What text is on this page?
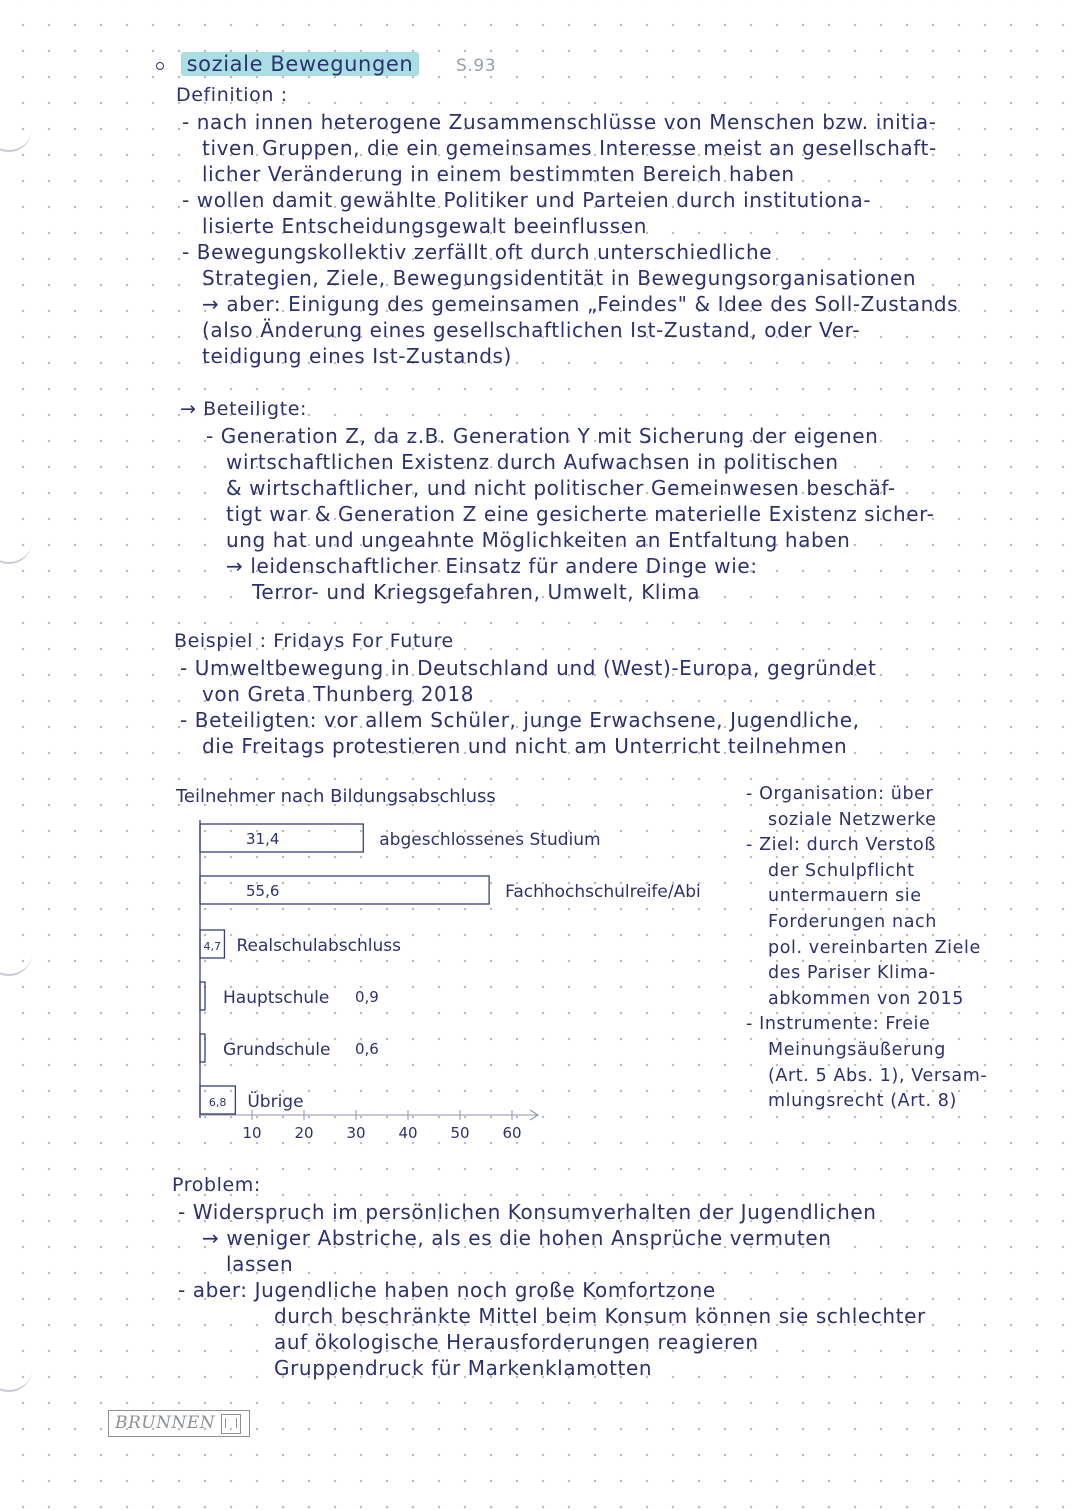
soziale Bewegungen	S.93
Definition :
- nach innen heterogene Zusammenschlüsse von Menschen bzw. initia-
tiven Gruppen, die ein gemeinsames Interesse meist an gesellschaft-
licher Veränderung in einem bestimmten Bereich haben
- wollen damit gewählte Politiker und Parteien durch institutiona-
lisierte Entscheidungsgewalt beeinflussen
- Bewegungskollektiv zerfällt oft durch unterschiedliche
Strategien, Ziele, Bewegungsidentität in Bewegungsorganisationen
→ aber: Einigung des gemeinsamen „Feindes" & Idee des Soll-Zustands
(also Änderung eines gesellschaftlichen Ist-Zustand, oder Ver-
teidigung eines Ist-Zustands)
→ Beteiligte:
- Generation Z, da z.B. Generation Y mit Sicherung der eigenen
wirtschaftlichen Existenz durch Aufwachsen in politischen
& wirtschaftlicher, und nicht politischer Gemeinwesen beschäf-
tigt war & Generation Z eine gesicherte materielle Existenz sicher-
ung hat und ungeahnte Möglichkeiten an Entfaltung haben
→ leidenschaftlicher Einsatz für andere Dinge wie:
Terror- und Kriegsgefahren, Umwelt, Klima
Beispiel : Fridays For Future
- Umweltbewegung in Deutschland und (West)-Europa, gegründet
von Greta Thunberg 2018
- Beteiligten: vor allem Schüler, junge Erwachsene, Jugendliche,
die Freitags protestieren und nicht am Unterricht teilnehmen
Teilnehmer nach Bildungsabschluss
31,4	abgeschlossenes Studium
55,6	Fachhochschulreife/Abi
4,7 Realschulabschluss
0,9
Hauptschule
0,6
Grundschule
6,8 Übrige
10 20 30 40 50 60
- Organisation: über
soziale Netzwerke
- Ziel: durch Verstoß
der Schulpflicht
untermauern sie
Forderungen nach
pol. vereinbarten Ziele
des Pariser Klima-
abkommen von 2015
- Instrumente: Freie
Meinungsäußerung
(Art. 5 Abs. 1), Versam-
mlungsrecht (Art. 8)
Problem:
- Widerspruch im persönlichen Konsumverhalten der Jugendlichen
→ weniger Abstriche, als es die hohen Ansprüche vermuten
lassen
- aber: Jugendliche haben noch große Komfortzone
durch beschränkte Mittel beim Konsum können sie schlechter
auf ökologische Herausforderungen reagieren
Gruppendruck für Markenklamotten
BRUNNEN
